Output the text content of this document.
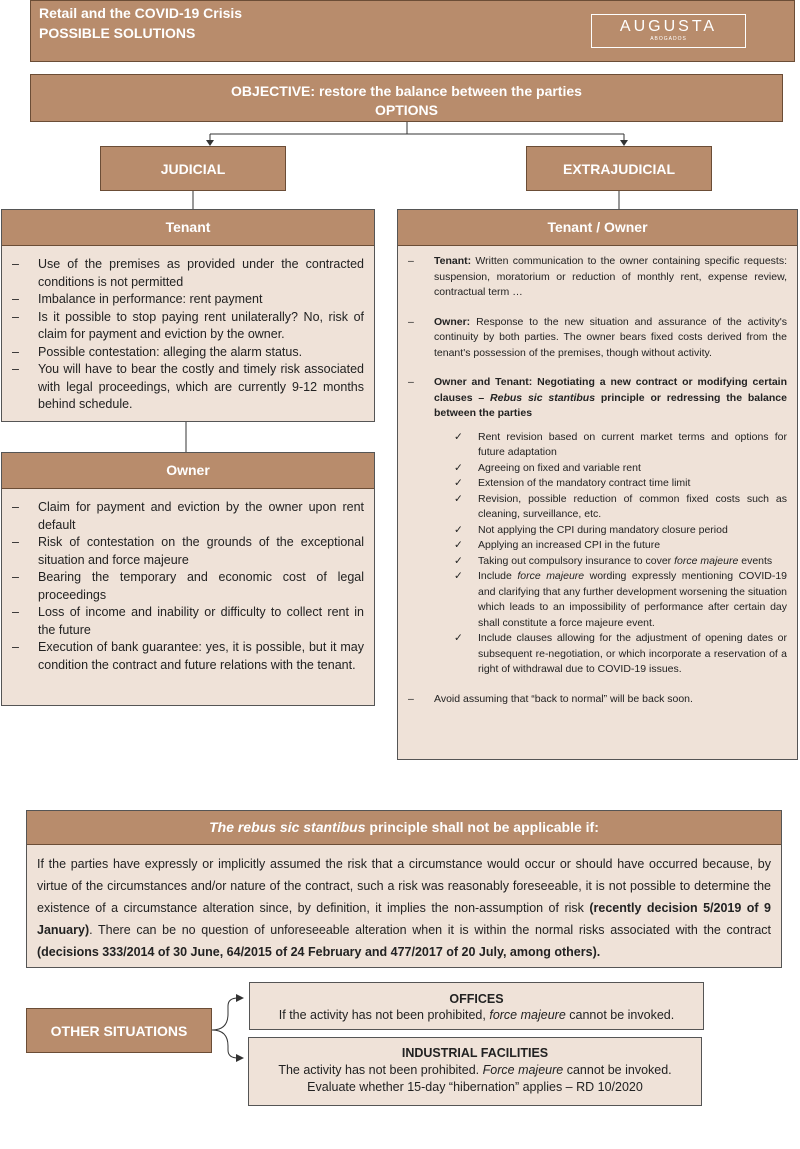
Retail and the COVID-19 Crisis
POSSIBLE SOLUTIONS	AUGUSTA
ABOGADOS
OBJECTIVE: restore the balance between the parties
OPTIONS
JUDICIAL	EXTRAJUDICIAL
Tenant
– Use of the premises as provided under the contracted conditions is not permitted
– Imbalance in performance: rent payment
– Is it possible to stop paying rent unilaterally? No, risk of claim for payment and eviction by the owner.
– Possible contestation: alleging the alarm status.
– You will have to bear the costly and timely risk associated with legal proceedings, which are currently 9-12 months behind schedule.
Owner
– Claim for payment and eviction by the owner upon rent default
– Risk of contestation on the grounds of the exceptional situation and force majeure
– Bearing the temporary and economic cost of legal proceedings
– Loss of income and inability or difficulty to collect rent in the future
– Execution of bank guarantee: yes, it is possible, but it may condition the contract and future relations with the tenant.
Tenant / Owner
– Tenant: Written communication to the owner containing specific requests: suspension, moratorium or reduction of monthly rent, expense review, contractual term …
– Owner: Response to the new situation and assurance of the activity's continuity by both parties. The owner bears fixed costs derived from the tenant's possession of the premises, though without activity.
– Owner and Tenant: Negotiating a new contract or modifying certain clauses – Rebus sic stantibus principle or redressing the balance between the parties
✓ Rent revision based on current market terms and options for future adaptation
✓ Agreeing on fixed and variable rent
✓ Extension of the mandatory contract time limit
✓ Revision, possible reduction of common fixed costs such as cleaning, surveillance, etc.
✓ Not applying the CPI during mandatory closure period
✓ Applying an increased CPI in the future
✓ Taking out compulsory insurance to cover force majeure events
✓ Include force majeure wording expressly mentioning COVID-19 and clarifying that any further development worsening the situation which leads to an impossibility of performance after certain day shall constitute a force majeure event.
✓ Include clauses allowing for the adjustment of opening dates or subsequent re-negotiation, or which incorporate a reservation of a right of withdrawal due to COVID-19 issues.
– Avoid assuming that “back to normal” will be back soon.
The rebus sic stantibus principle shall not be applicable if:
If the parties have expressly or implicitly assumed the risk that a circumstance would occur or should have occurred because, by virtue of the circumstances and/or nature of the contract, such a risk was reasonably foreseeable, it is not possible to determine the existence of a circumstance alteration since, by definition, it implies the non-assumption of risk (recently decision 5/2019 of 9 January). There can be no question of unforeseeable alteration when it is within the normal risks associated with the contract (decisions 333/2014 of 30 June, 64/2015 of 24 February and 477/2017 of 20 July, among others).
OTHER SITUATIONS
OFFICES
If the activity has not been prohibited, force majeure cannot be invoked.
INDUSTRIAL FACILITIES
The activity has not been prohibited. Force majeure cannot be invoked.
Evaluate whether 15-day “hibernation” applies – RD 10/2020
